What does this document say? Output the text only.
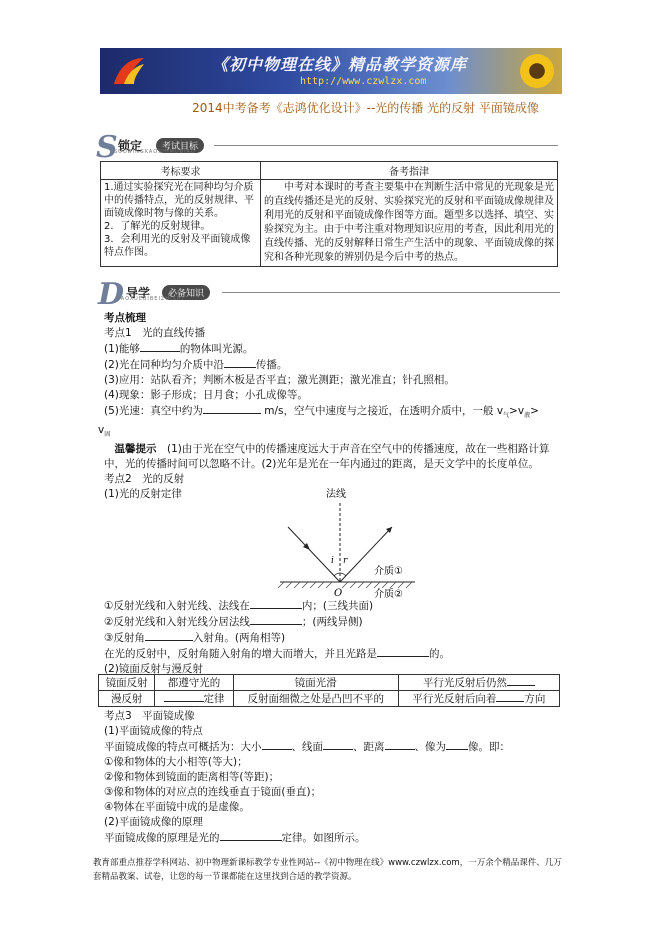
《初中物理在线》精品教学资源库
http://www.czwlzx.com
2014中考备考《志鸿优化设计》--光的传播 光的反射 平面镜成像
S 锁定	考试目标
SUODINGKAOSHIMUBIAO
考标要求	备考指津

1.通过实验探究光在同种均匀介质中的传播特点，光的反射规律、平面镜成像时物与像的关系。
2．了解光的反射规律。
3．会利用光的反射及平面镜成像特点作图。	中考对本课时的考查主要集中在判断生活中常见的光现象是光的直线传播还是光的反射、实验探究光的反射和平面镜成像规律及利用光的反射和平面镜成像作图等方面。题型多以选择、填空、实验探究为主。由于中考注重对物理知识应用的考查，因此利用光的直线传播、光的反射解释日常生产生活中的现象、平面镜成像的探究和各种光现象的辨别仍是今后中考的热点。
D 导学	必备知识
DAOXUEBIBEIZHISHI
考点梳理
考点1　光的直线传播
(1)能够	的物体叫光源。
(2)光在同种均匀介质中沿	传播。
(3)应用：站队看齐；判断木板是否平直；激光测距；激光准直；针孔照相。
(4)现象：影子形成；日月食；小孔成像等。
(5)光速：真空中约为	m/s，空气中速度与之接近，在透明介质中，一般 $v_气>v_液>$
$v_固$
温馨提示　 (1)由于光在空气中的传播速度远大于声音在空气中的传播速度，故在一些相路计算中，光的传播时间可以忽略不计。(2)光年是光在一年内通过的距离，是天文学中的长度单位。
考点2　光的反射
(1)光的反射定律	法线
i r
介质①
介质②
O
①反射光线和入射光线、法线在	内；(三线共面)
②反射光线和入射光线分居法线	；(两线异侧)
③反射角	入射角。(两角相等)
在光的反射中，反射角随入射角的增大而增大，并且光路是	的。
(2)镜面反射与漫反射
镜面反射	都遵守光的	镜面光滑	平行光反射后仍然
漫反射	定律	反射面细微之处是凸凹不平的	平行光反射后向着 方向
考点3　平面镜成像
(1)平面镜成像的特点
平面镜成像的特点可概括为：大小	、线面	、距离	、像为 像。即：
①像和物体的大小相等(等大)；
②像和物体到镜面的距离相等(等距)；
③像和物体的对应点的连线垂直于镜面(垂直)；
④物体在平面镜中成的是虚像。
(2)平面镜成像的原理
平面镜成像的原理是光的	定律。如图所示。
教育部重点推荐学科网站、初中物理新课标教学专业性网站--《初中物理在线》www.czwlzx.com，一万余个精品课件、几万套精品教案、试卷，让您的每一节课都能在这里找到合适的教学资源。
